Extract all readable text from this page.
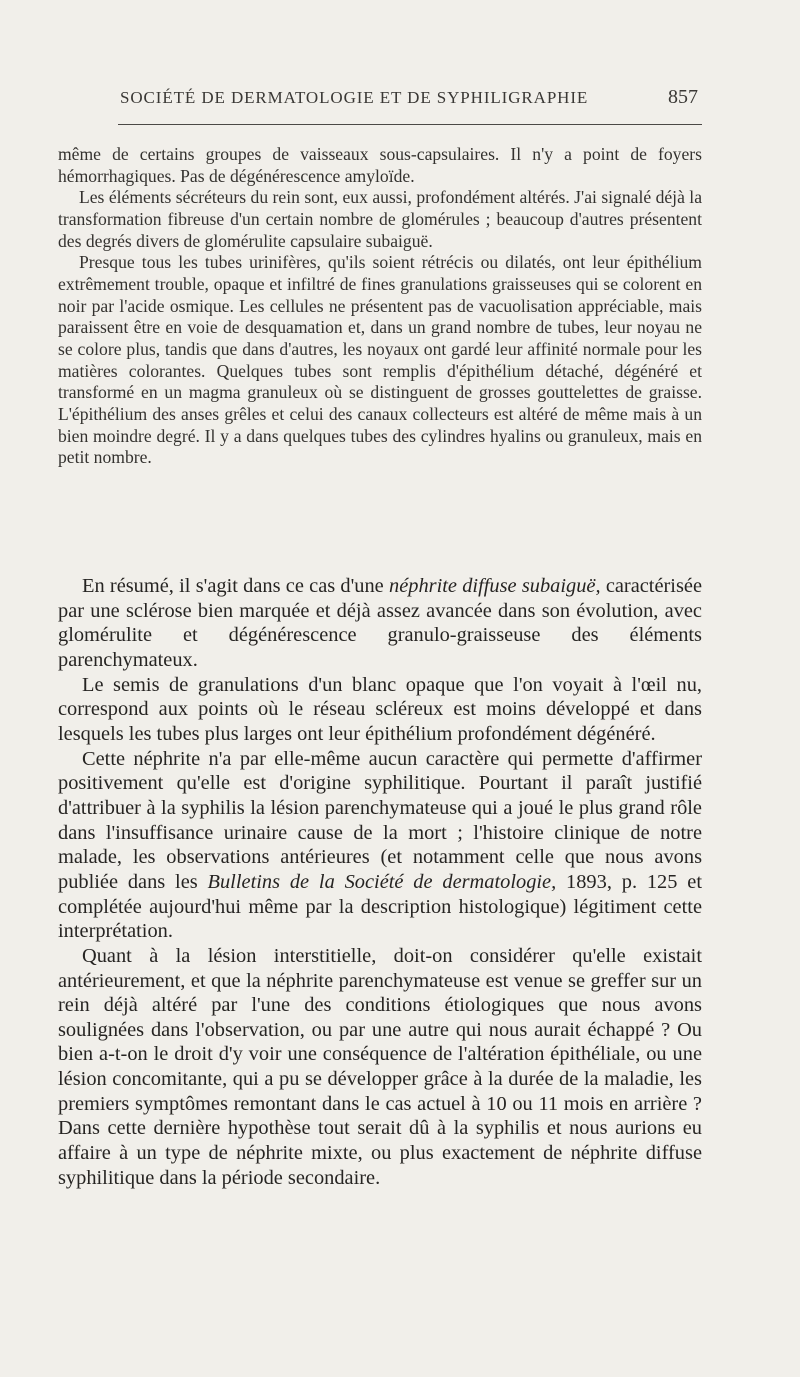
SOCIÉTÉ DE DERMATOLOGIE ET DE SYPHILIGRAPHIE	857

même de certains groupes de vaisseaux sous-capsulaires. Il n'y a point de foyers hémorrhagiques. Pas de dégénérescence amyloïde.

Les éléments sécréteurs du rein sont, eux aussi, profondément altérés. J'ai signalé déjà la transformation fibreuse d'un certain nombre de glomérules ; beaucoup d'autres présentent des degrés divers de glomérulite capsulaire subaiguë.

Presque tous les tubes urinifères, qu'ils soient rétrécis ou dilatés, ont leur épithélium extrêmement trouble, opaque et infiltré de fines granulations graisseuses qui se colorent en noir par l'acide osmique. Les cellules ne présentent pas de vacuolisation appréciable, mais paraissent être en voie de desquamation et, dans un grand nombre de tubes, leur noyau ne se colore plus, tandis que dans d'autres, les noyaux ont gardé leur affinité normale pour les matières colorantes. Quelques tubes sont remplis d'épithélium détaché, dégénéré et transformé en un magma granuleux où se distinguent de grosses gouttelettes de graisse. L'épithélium des anses grêles et celui des canaux collecteurs est altéré de même mais à un bien moindre degré. Il y a dans quelques tubes des cylindres hyalins ou granuleux, mais en petit nombre.

En résumé, il s'agit dans ce cas d'une néphrite diffuse subaiguë, caractérisée par une sclérose bien marquée et déjà assez avancée dans son évolution, avec glomérulite et dégénérescence granulo-graisseuse des éléments parenchymateux.

Le semis de granulations d'un blanc opaque que l'on voyait à l'œil nu, correspond aux points où le réseau scléreux est moins développé et dans lesquels les tubes plus larges ont leur épithélium profondément dégénéré.

Cette néphrite n'a par elle-même aucun caractère qui permette d'affirmer positivement qu'elle est d'origine syphilitique. Pourtant il paraît justifié d'attribuer à la syphilis la lésion parenchymateuse qui a joué le plus grand rôle dans l'insuffisance urinaire cause de la mort ; l'histoire clinique de notre malade, les observations antérieures (et notamment celle que nous avons publiée dans les Bulletins de la Société de dermatologie, 1893, p. 125 et complétée aujourd'hui même par la description histologique) légitiment cette interprétation.

Quant à la lésion interstitielle, doit-on considérer qu'elle existait antérieurement, et que la néphrite parenchymateuse est venue se greffer sur un rein déjà altéré par l'une des conditions étiologiques que nous avons soulignées dans l'observation, ou par une autre qui nous aurait échappé ? Ou bien a-t-on le droit d'y voir une conséquence de l'altération épithéliale, ou une lésion concomitante, qui a pu se développer grâce à la durée de la maladie, les premiers symptômes remontant dans le cas actuel à 10 ou 11 mois en arrière ? Dans cette dernière hypothèse tout serait dû à la syphilis et nous aurions eu affaire à un type de néphrite mixte, ou plus exactement de néphrite diffuse syphilitique dans la période secondaire.
